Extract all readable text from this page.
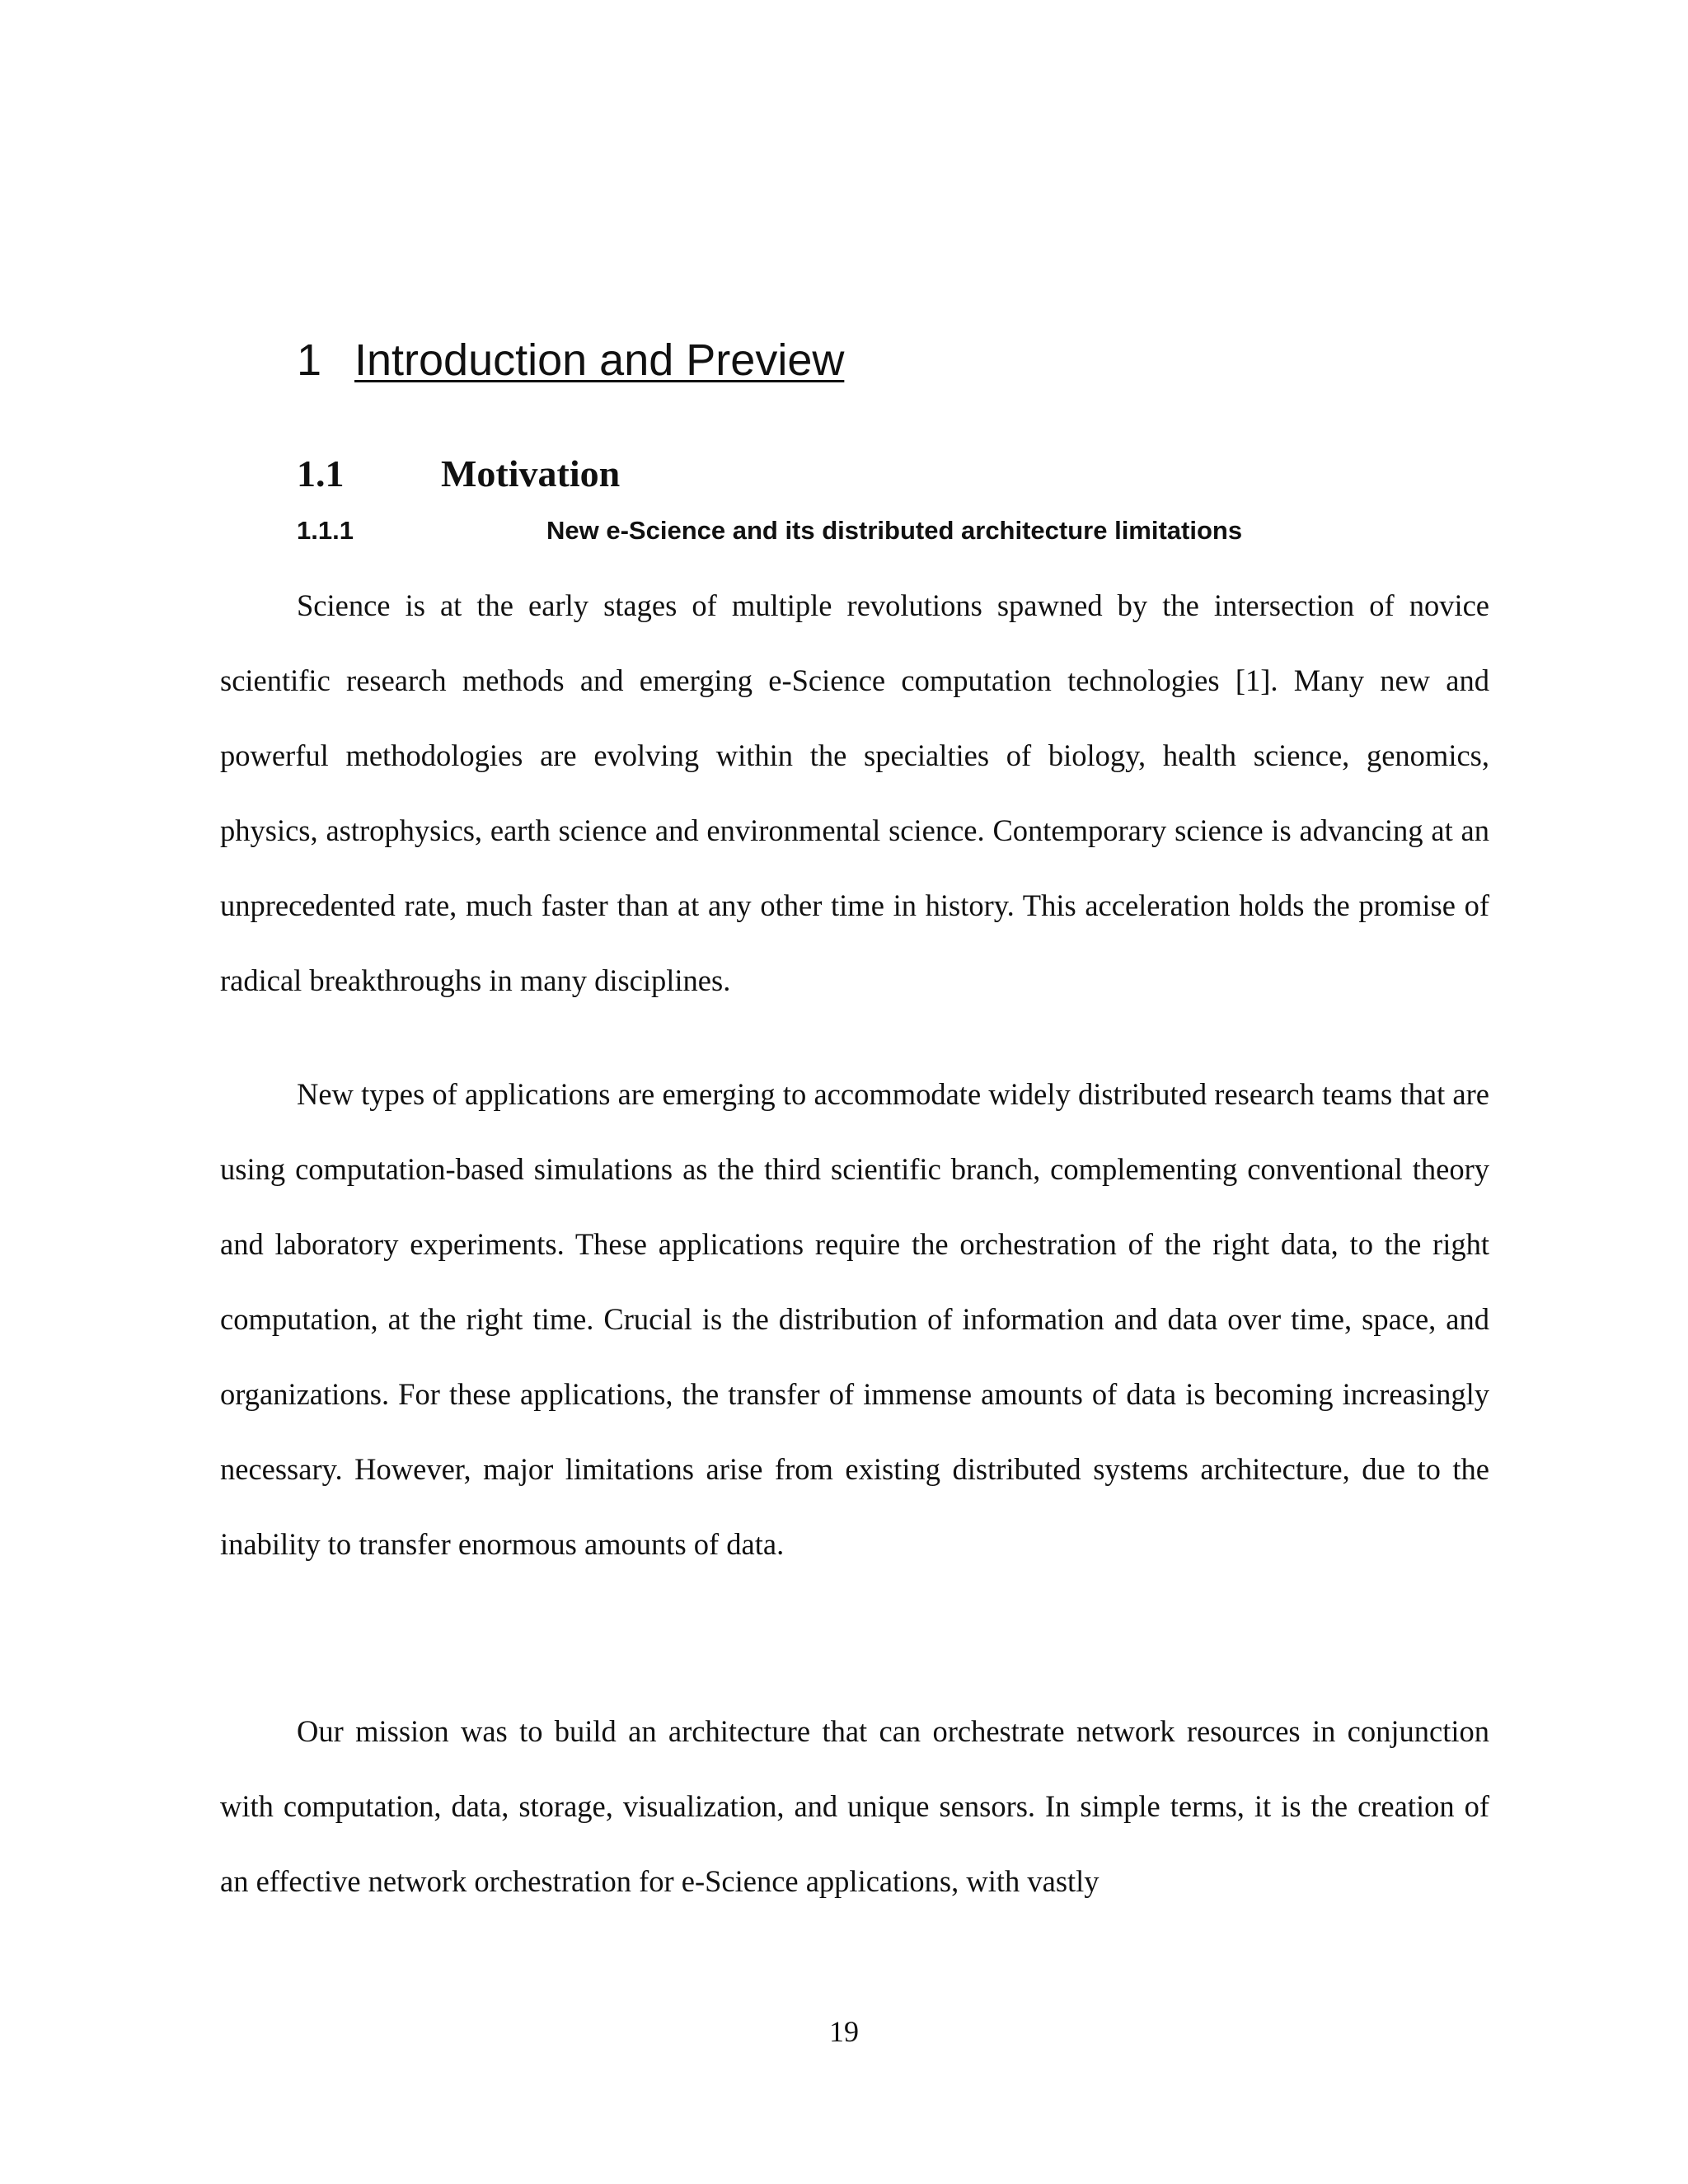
1 Introduction and Preview
1.1	Motivation
1.1.1	New e-Science and its distributed architecture limitations

Science is at the early stages of multiple revolutions spawned by the intersection of novice scientific research methods and emerging e-Science computation technologies [1]. Many new and powerful methodologies are evolving within the specialties of biology, health science, genomics, physics, astrophysics, earth science and environmental science. Contemporary science is advancing at an unprecedented rate, much faster than at any other time in history. This acceleration holds the promise of radical breakthroughs in many disciplines.

New types of applications are emerging to accommodate widely distributed research teams that are using computation-based simulations as the third scientific branch, complementing conventional theory and laboratory experiments. These applications require the orchestration of the right data, to the right computation, at the right time. Crucial is the distribution of information and data over time, space, and organizations. For these applications, the transfer of immense amounts of data is becoming increasingly necessary. However, major limitations arise from existing distributed systems architecture, due to the inability to transfer enormous amounts of data.

Our mission was to build an architecture that can orchestrate network resources in conjunction with computation, data, storage, visualization, and unique sensors. In simple terms, it is the creation of an effective network orchestration for e-Science applications, with vastly

19
